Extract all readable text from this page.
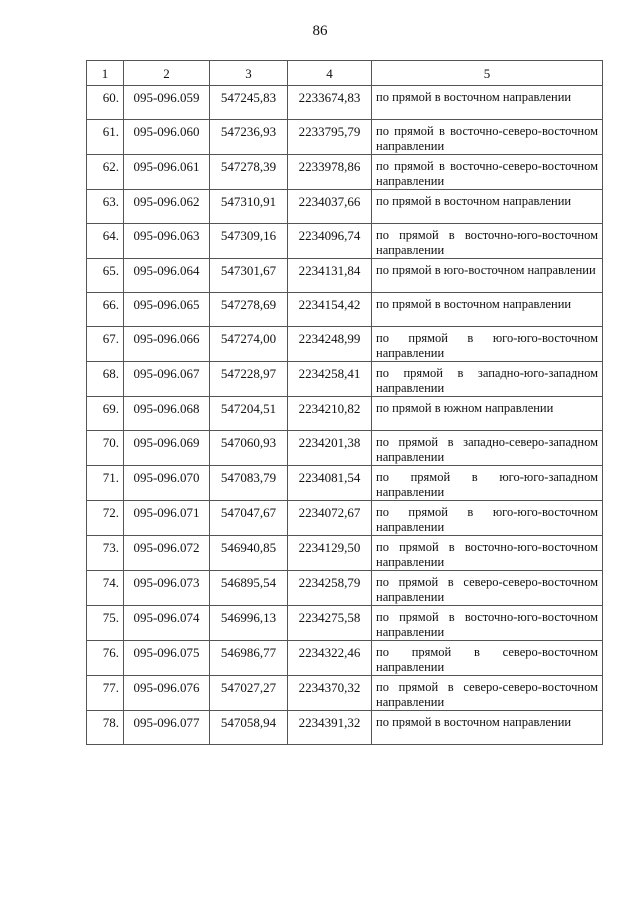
86
1	2	3	4	5
60.	095-096.059	547245,83	2233674,83	по прямой в восточном направлении
61.	095-096.060	547236,93	2233795,79	по прямой в восточно-северо-восточном направлении
62.	095-096.061	547278,39	2233978,86	по прямой в восточно-северо-восточном направлении
63.	095-096.062	547310,91	2234037,66	по прямой в восточном направлении
64.	095-096.063	547309,16	2234096,74	по прямой в восточно-юго-восточном направлении
65.	095-096.064	547301,67	2234131,84	по прямой в юго-восточном направлении
66.	095-096.065	547278,69	2234154,42	по прямой в восточном направлении
67.	095-096.066	547274,00	2234248,99	по прямой в юго-юго-восточном направлении
68.	095-096.067	547228,97	2234258,41	по прямой в западно-юго-западном направлении
69.	095-096.068	547204,51	2234210,82	по прямой в южном направлении
70.	095-096.069	547060,93	2234201,38	по прямой в западно-северо-западном направлении
71.	095-096.070	547083,79	2234081,54	по прямой в юго-юго-западном направлении
72.	095-096.071	547047,67	2234072,67	по прямой в юго-юго-восточном направлении
73.	095-096.072	546940,85	2234129,50	по прямой в восточно-юго-восточном направлении
74.	095-096.073	546895,54	2234258,79	по прямой в северо-северо-восточном направлении
75.	095-096.074	546996,13	2234275,58	по прямой в восточно-юго-восточном направлении
76.	095-096.075	546986,77	2234322,46	по прямой в северо-восточном направлении
77.	095-096.076	547027,27	2234370,32	по прямой в северо-северо-восточном направлении
78.	095-096.077	547058,94	2234391,32	по прямой в восточном направлении
